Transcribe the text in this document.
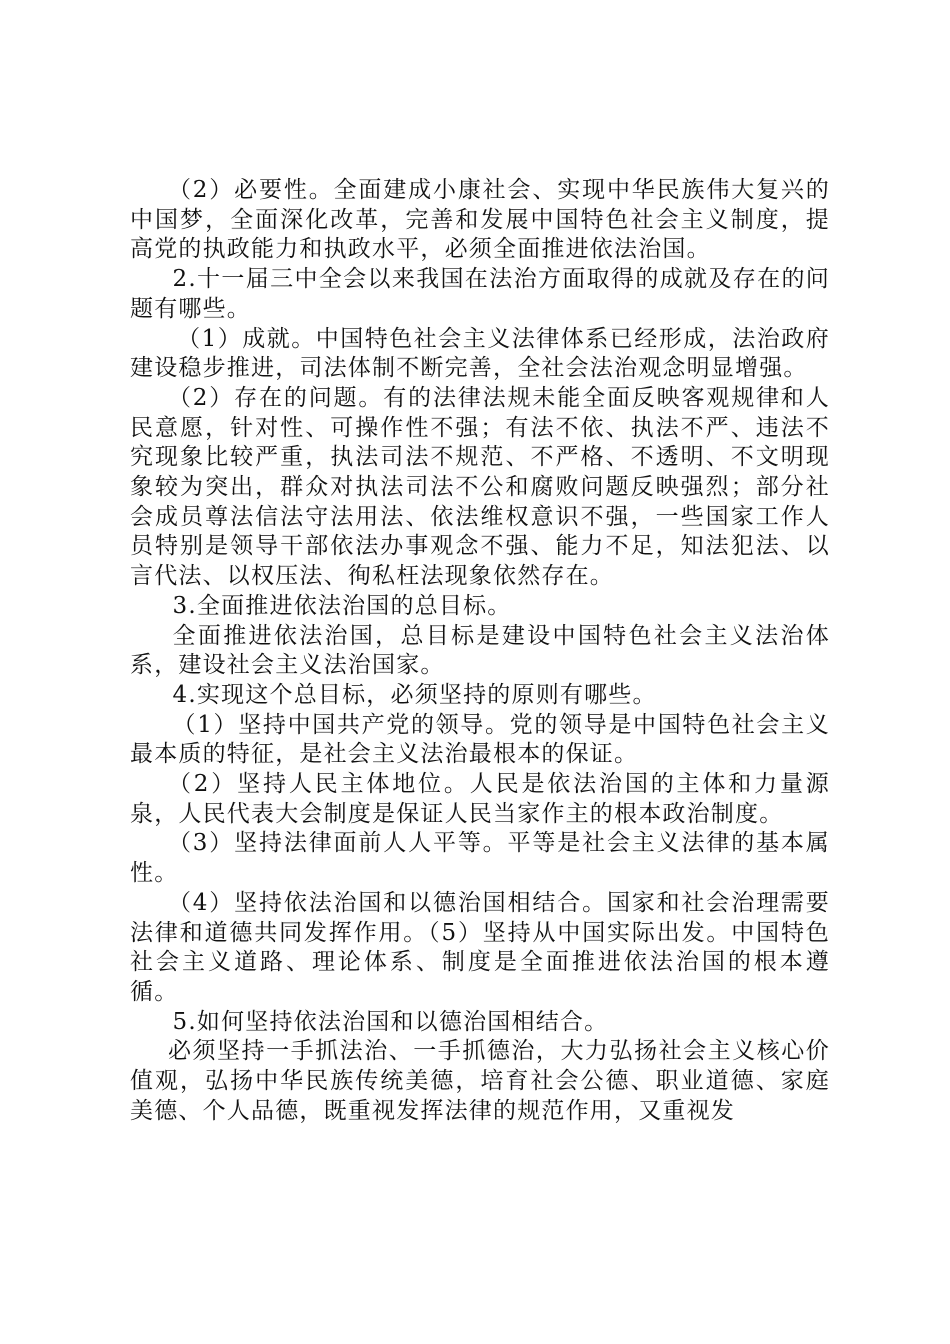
（2）必要性。全面建成小康社会、实现中华民族伟大复兴的中国梦，全面深化改革，完善和发展中国特色社会主义制度，提高党的执政能力和执政水平，必须全面推进依法治国。

2.十一届三中全会以来我国在法治方面取得的成就及存在的问题有哪些。

（1）成就。中国特色社会主义法律体系已经形成，法治政府建设稳步推进，司法体制不断完善，全社会法治观念明显增强。

（2）存在的问题。有的法律法规未能全面反映客观规律和人民意愿，针对性、可操作性不强；有法不依、执法不严、违法不究现象比较严重，执法司法不规范、不严格、不透明、不文明现象较为突出，群众对执法司法不公和腐败问题反映强烈；部分社会成员尊法信法守法用法、依法维权意识不强，一些国家工作人员特别是领导干部依法办事观念不强、能力不足，知法犯法、以言代法、以权压法、徇私枉法现象依然存在。

3.全面推进依法治国的总目标。

全面推进依法治国，总目标是建设中国特色社会主义法治体系，建设社会主义法治国家。

4.实现这个总目标，必须坚持的原则有哪些。

（1）坚持中国共产党的领导。党的领导是中国特色社会主义最本质的特征，是社会主义法治最根本的保证。

（2）坚持人民主体地位。人民是依法治国的主体和力量源泉，人民代表大会制度是保证人民当家作主的根本政治制度。

（3）坚持法律面前人人平等。平等是社会主义法律的基本属性。

（4）坚持依法治国和以德治国相结合。国家和社会治理需要法律和道德共同发挥作用。（5）坚持从中国实际出发。中国特色社会主义道路、理论体系、制度是全面推进依法治国的根本遵循。

5.如何坚持依法治国和以德治国相结合。

必须坚持一手抓法治、一手抓德治，大力弘扬社会主义核心价值观，弘扬中华民族传统美德，培育社会公德、职业道德、家庭美德、个人品德，既重视发挥法律的规范作用，又重视发
